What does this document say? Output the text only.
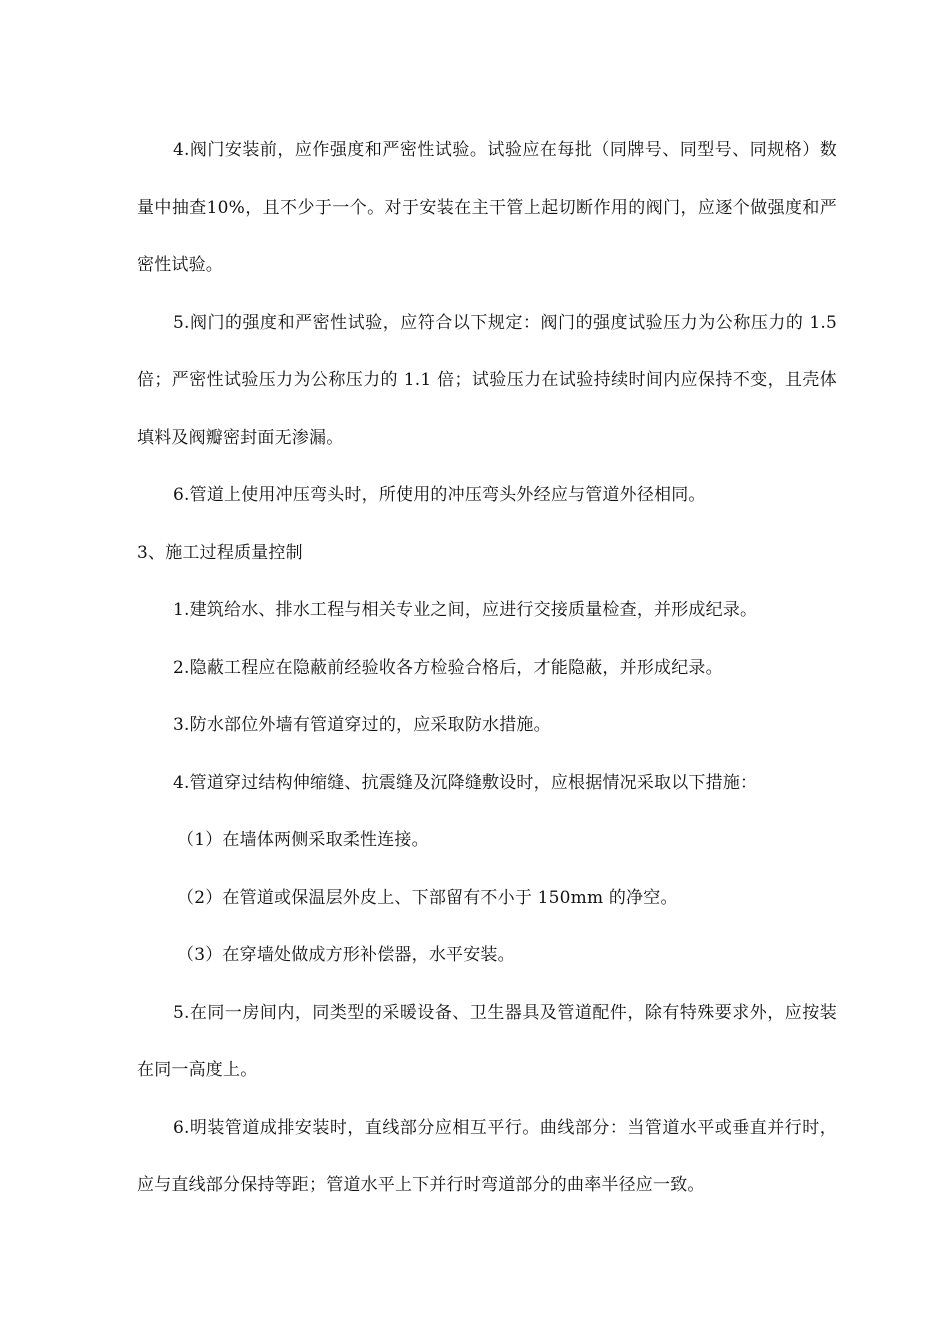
4.阀门安装前，应作强度和严密性试验。试验应在每批（同牌号、同型号、同规格）数量中抽查10%，且不少于一个。对于安装在主干管上起切断作用的阀门，应逐个做强度和严密性试验。

5.阀门的强度和严密性试验，应符合以下规定：阀门的强度试验压力为公称压力的 1.5 倍；严密性试验压力为公称压力的 1.1 倍；试验压力在试验持续时间内应保持不变，且壳体填料及阀瓣密封面无渗漏。

6.管道上使用冲压弯头时，所使用的冲压弯头外经应与管道外径相同。

3、施工过程质量控制

1.建筑给水、排水工程与相关专业之间，应进行交接质量检查，并形成纪录。

2.隐蔽工程应在隐蔽前经验收各方检验合格后，才能隐蔽，并形成纪录。

3.防水部位外墙有管道穿过的，应采取防水措施。

4.管道穿过结构伸缩缝、抗震缝及沉降缝敷设时，应根据情况采取以下措施：

（1）在墙体两侧采取柔性连接。

（2）在管道或保温层外皮上、下部留有不小于 150mm 的净空。

（3）在穿墙处做成方形补偿器，水平安装。

5.在同一房间内，同类型的采暖设备、卫生器具及管道配件，除有特殊要求外，应按装在同一高度上。

6.明装管道成排安装时，直线部分应相互平行。曲线部分：当管道水平或垂直并行时，应与直线部分保持等距；管道水平上下并行时弯道部分的曲率半径应一致。
